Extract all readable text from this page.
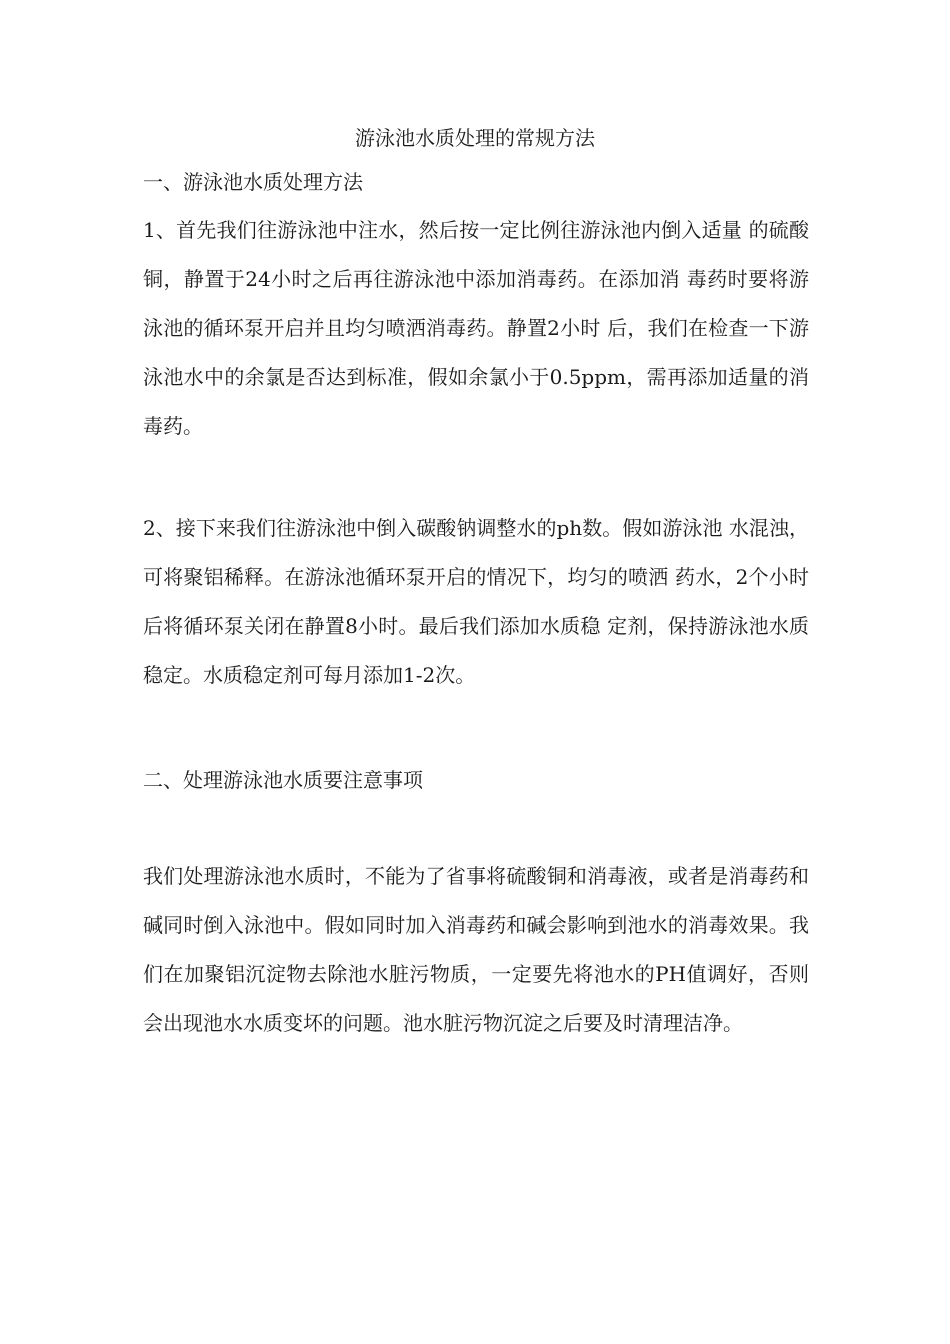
游泳池水质处理的常规方法
一、游泳池水质处理方法
1、首先我们往游泳池中注水，然后按一定比例往游泳池内倒入适量 的硫酸铜，静置于24小时之后再往游泳池中添加消毒药。在添加消 毒药时要将游泳池的循环泵开启并且均匀喷洒消毒药。静置2小时 后，我们在检查一下游泳池水中的余氯是否达到标准，假如余氯小于0.5ppm，需再添加适量的消毒药。
2、接下来我们往游泳池中倒入碳酸钠调整水的ph数。假如游泳池 水混浊，可将聚铝稀释。在游泳池循环泵开启的情况下，均匀的喷洒 药水，2个小时后将循环泵关闭在静置8小时。最后我们添加水质稳 定剂，保持游泳池水质稳定。水质稳定剂可每月添加1-2次。
二、处理游泳池水质要注意事项
我们处理游泳池水质时，不能为了省事将硫酸铜和消毒液，或者是消毒药和碱同时倒入泳池中。假如同时加入消毒药和碱会影响到池水的消毒效果。我们在加聚铝沉淀物去除池水脏污物质，一定要先将池水的PH值调好，否则会出现池水水质变坏的问题。池水脏污物沉淀之后要及时清理洁净。
